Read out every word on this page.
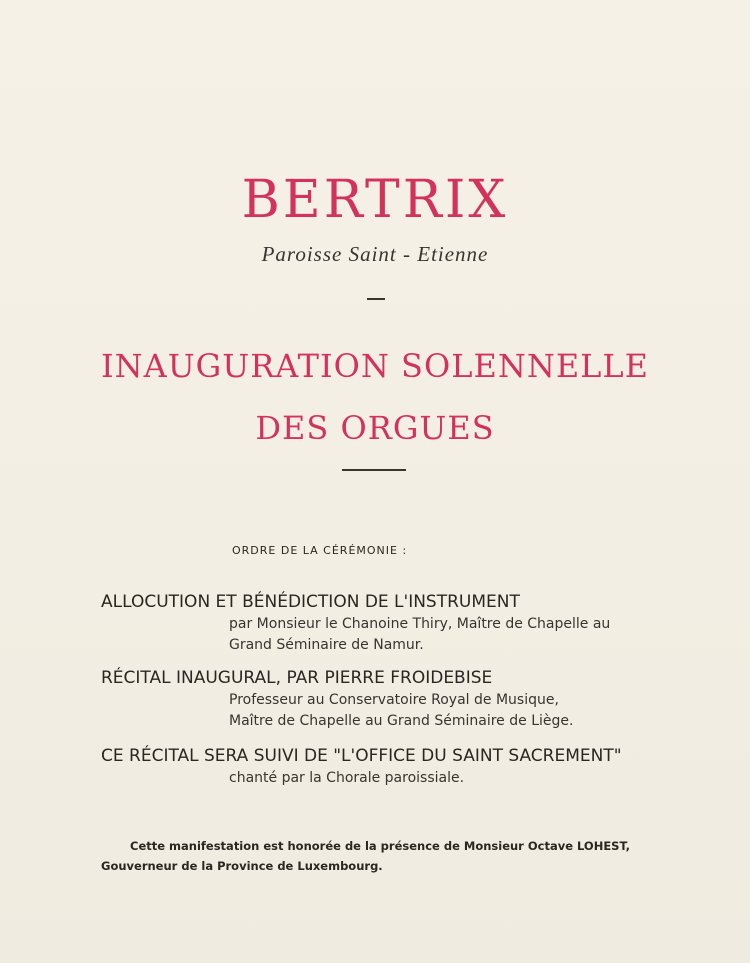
BERTRIX
Paroisse Saint - Etienne
INAUGURATION SOLENNELLE
DES ORGUES
ORDRE DE LA CÉRÉMONIE :
ALLOCUTION ET BÉNÉDICTION DE L'INSTRUMENT
par Monsieur le Chanoine Thiry, Maître de Chapelle au
Grand Séminaire de Namur.
RÉCITAL INAUGURAL, PAR PIERRE FROIDEBISE
Professeur au Conservatoire Royal de Musique,
Maître de Chapelle au Grand Séminaire de Liège.
CE RÉCITAL SERA SUIVI DE "L'OFFICE DU SAINT SACREMENT"
chanté par la Chorale paroissiale.
Cette manifestation est honorée de la présence de Monsieur Octave LOHEST,
Gouverneur de la Province de Luxembourg.
